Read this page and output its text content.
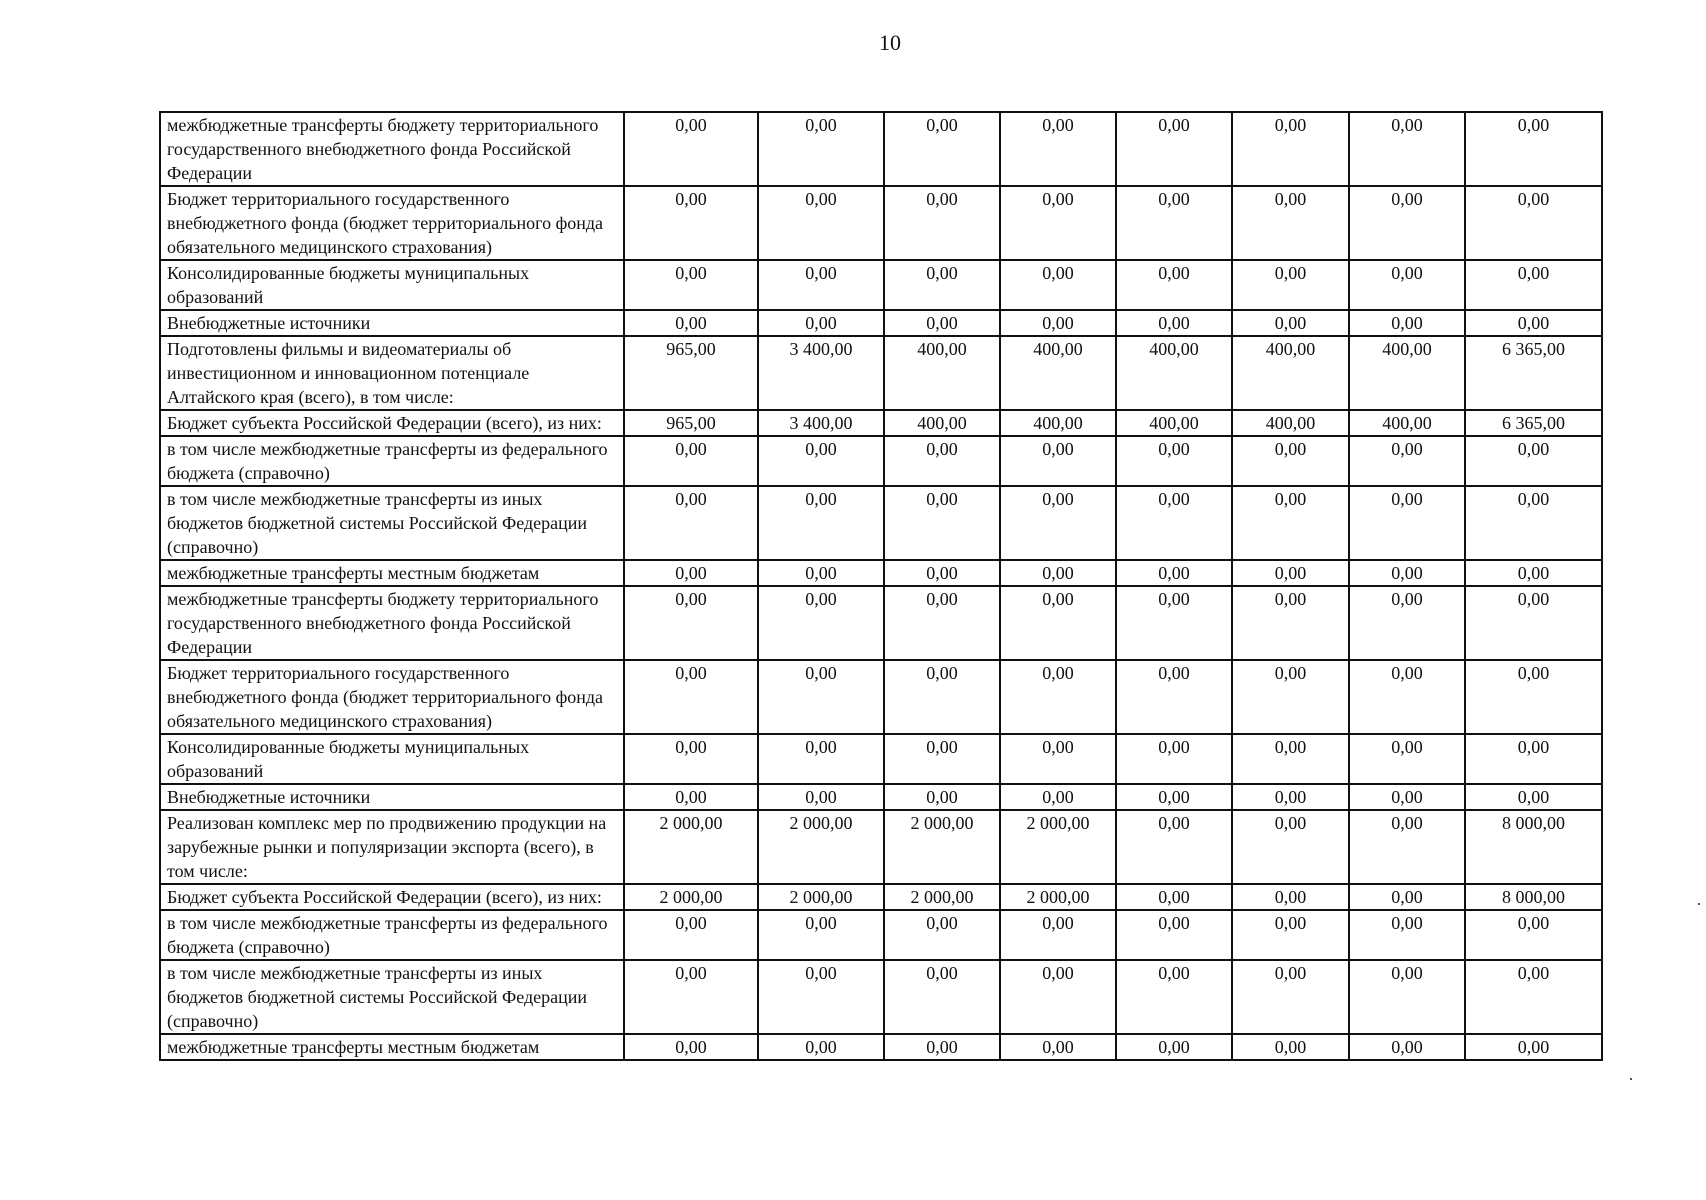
10
межбюджетные трансферты бюджету территориального государственного внебюджетного фонда Российской Федерации	0,00	0,00	0,00	0,00	0,00	0,00	0,00	0,00
Бюджет территориального государственного внебюджетного фонда (бюджет территориального фонда обязательного медицинского страхования)	0,00	0,00	0,00	0,00	0,00	0,00	0,00	0,00
Консолидированные бюджеты муниципальных образований	0,00	0,00	0,00	0,00	0,00	0,00	0,00	0,00
Внебюджетные источники	0,00	0,00	0,00	0,00	0,00	0,00	0,00	0,00
Подготовлены фильмы и видеоматериалы об инвестиционном и инновационном потенциале Алтайского края (всего), в том числе:	965,00	3 400,00	400,00	400,00	400,00	400,00	400,00	6 365,00
Бюджет субъекта Российской Федерации (всего), из них:	965,00	3 400,00	400,00	400,00	400,00	400,00	400,00	6 365,00
в том числе межбюджетные трансферты из федерального бюджета (справочно)	0,00	0,00	0,00	0,00	0,00	0,00	0,00	0,00
в том числе межбюджетные трансферты из иных бюджетов бюджетной системы Российской Федерации (справочно)	0,00	0,00	0,00	0,00	0,00	0,00	0,00	0,00
межбюджетные трансферты местным бюджетам	0,00	0,00	0,00	0,00	0,00	0,00	0,00	0,00
межбюджетные трансферты бюджету территориального государственного внебюджетного фонда Российской Федерации	0,00	0,00	0,00	0,00	0,00	0,00	0,00	0,00
Бюджет территориального государственного внебюджетного фонда (бюджет территориального фонда обязательного медицинского страхования)	0,00	0,00	0,00	0,00	0,00	0,00	0,00	0,00
Консолидированные бюджеты муниципальных образований	0,00	0,00	0,00	0,00	0,00	0,00	0,00	0,00
Внебюджетные источники	0,00	0,00	0,00	0,00	0,00	0,00	0,00	0,00
Реализован комплекс мер по продвижению продукции на зарубежные рынки и популяризации экспорта (всего), в том числе:	2 000,00	2 000,00	2 000,00	2 000,00	0,00	0,00	0,00	8 000,00
Бюджет субъекта Российской Федерации (всего), из них:	2 000,00	2 000,00	2 000,00	2 000,00	0,00	0,00	0,00	8 000,00
в том числе межбюджетные трансферты из федерального бюджета (справочно)	0,00	0,00	0,00	0,00	0,00	0,00	0,00	0,00
в том числе межбюджетные трансферты из иных бюджетов бюджетной системы Российской Федерации (справочно)	0,00	0,00	0,00	0,00	0,00	0,00	0,00	0,00
межбюджетные трансферты местным бюджетам	0,00	0,00	0,00	0,00	0,00	0,00	0,00	0,00
